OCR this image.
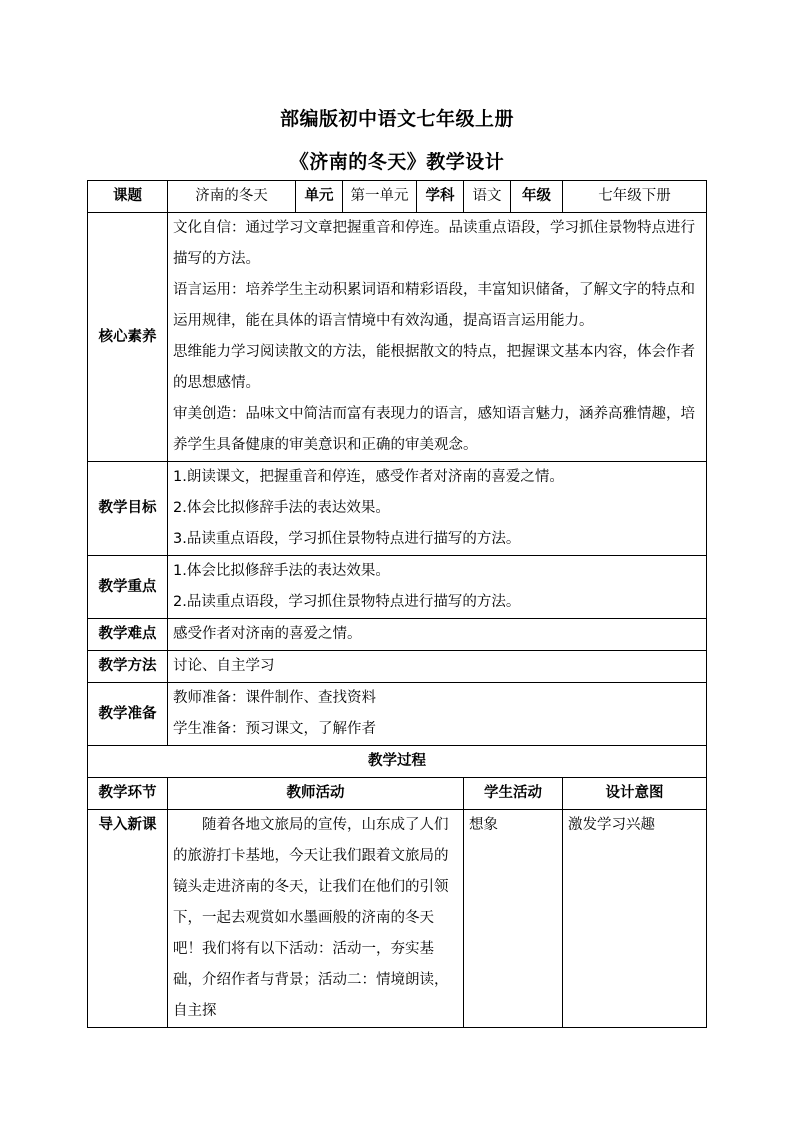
部编版初中语文七年级上册
《济南的冬天》教学设计
课题	济南的冬天	单元	第一单元	学科	语文	年级	七年级下册
核心素养	文化自信：通过学习文章把握重音和停连。品读重点语段，学习抓住景物特点进行描写的方法。
语言运用：培养学生主动积累词语和精彩语段，丰富知识储备，了解文字的特点和运用规律，能在具体的语言情境中有效沟通，提高语言运用能力。
思维能力学习阅读散文的方法，能根据散文的特点，把握课文基本内容，体会作者的思想感情。
审美创造：品味文中简洁而富有表现力的语言，感知语言魅力，涵养高雅情趣，培养学生具备健康的审美意识和正确的审美观念。						

教学目标	1.朗读课文，把握重音和停连，感受作者对济南的喜爱之情。
2.体会比拟修辞手法的表达效果。
3.品读重点语段，学习抓住景物特点进行描写的方法。						

教学重点	1.体会比拟修辞手法的表达效果。
2.品读重点语段，学习抓住景物特点进行描写的方法。						

教学难点	感受作者对济南的喜爱之情。						
教学方法	讨论、自主学习						
教学准备	教师准备：课件制作、查找资料
学生准备：预习课文，了解作者						

教学过程							
教学环节	教师活动				学生活动		设计意图
导入新课	随着各地文旅局的宣传，山东成了人们的旅游打卡基地，今天让我们跟着文旅局的镜头走进济南的冬天，让我们在他们的引领下，一起去观赏如水墨画般的济南的冬天吧！我们将有以下活动：活动一，夯实基础，介绍作者与背景；活动二：情境朗读，自主探				想象		激发学习兴趣
